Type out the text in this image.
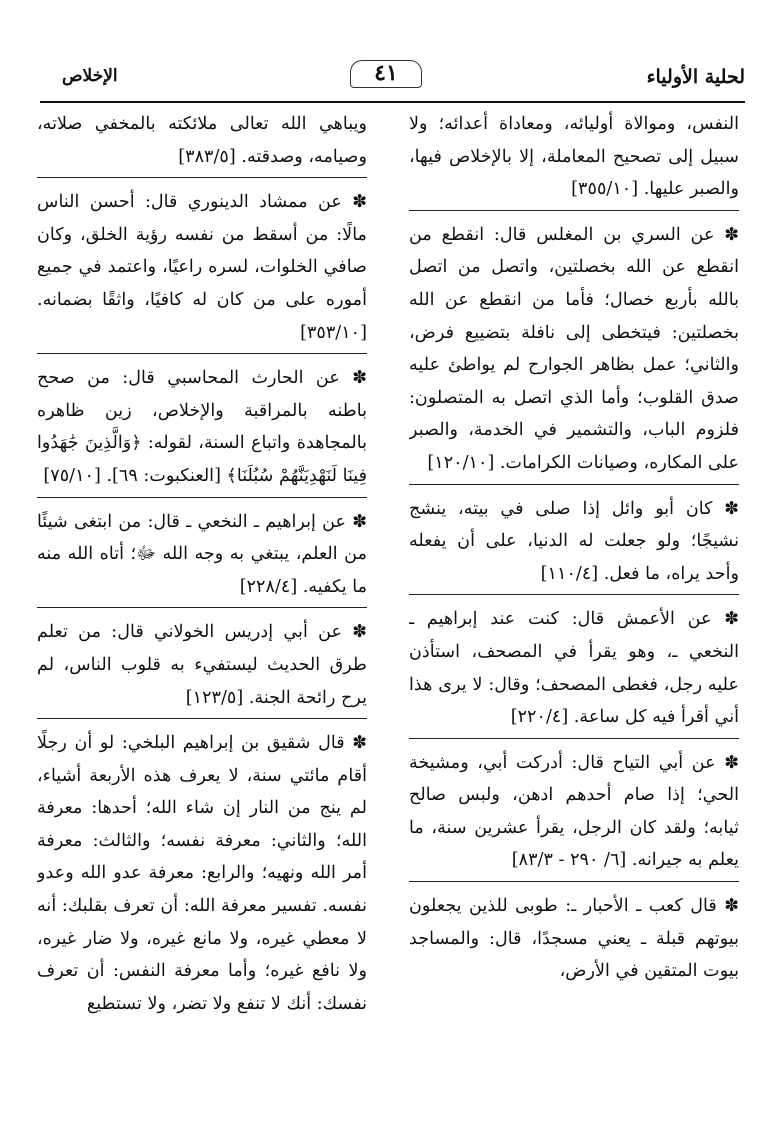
لحلية الأولياء
٤١
الإخلاص

النفس، وموالاة أوليائه، ومعاداة أعدائه؛ ولا سبيل إلى تصحيح المعاملة، إلا بالإخلاص فيها، والصبر عليها. [٣٥٥/١٠]

✽ عن السري بن المغلس قال: انقطع من انقطع عن الله بخصلتين، واتصل من اتصل بالله بأربع خصال؛ فأما من انقطع عن الله بخصلتين: فيتخطى إلى نافلة بتضييع فرض، والثاني؛ عمل بظاهر الجوارح لم يواطئ عليه صدق القلوب؛ وأما الذي اتصل به المتصلون: فلزوم الباب، والتشمير في الخدمة، والصبر على المكاره، وصيانات الكرامات. [١٢٠/١٠]

✽ كان أبو وائل إذا صلى في بيته، ينشج نشيجًا؛ ولو جعلت له الدنيا، على أن يفعله وأحد يراه، ما فعل. [١١٠/٤]

✽ عن الأعمش قال: كنت عند إبراهيم ـ النخعي ـ، وهو يقرأ في المصحف، استأذن عليه رجل، فغطى المصحف؛ وقال: لا يرى هذا أني أقرأ فيه كل ساعة. [٢٢٠/٤]

✽ عن أبي التياح قال: أدركت أبي، ومشيخة الحي؛ إذا صام أحدهم ادهن، ولبس صالح ثيابه؛ ولقد كان الرجل، يقرأ عشرين سنة، ما يعلم به جيرانه. [٦/ ٢٩٠ - ٨٣/٣]

✽ قال كعب ـ الأحبار ـ: طوبى للذين يجعلون بيوتهم قبلة ـ يعني مسجدًا، قال: والمساجد بيوت المتقين في الأرض،

ويباهي الله تعالى ملائكته بالمخفي صلاته، وصيامه، وصدقته. [٣٨٣/٥]

✽ عن ممشاد الدينوري قال: أحسن الناس مالًا: من أسقط من نفسه رؤية الخلق، وكان صافي الخلوات، لسره راعيًا، واعتمد في جميع أموره على من كان له كافيًا، واثقًا بضمانه. [٣٥٣/١٠]

✽ عن الحارث المحاسبي قال: من صحح باطنه بالمراقبة والإخلاص، زين ظاهره بالمجاهدة واتباع السنة، لقوله: ﴿وَالَّذِينَ جَٰهَدُوا فِينَا لَنَهْدِيَنَّهُمْ سُبُلَنَا﴾ [العنكبوت: ٦٩]. [٧٥/١٠]

✽ عن إبراهيم ـ النخعي ـ قال: من ابتغى شيئًا من العلم، يبتغي به وجه الله ﷻ؛ أتاه الله منه ما يكفيه. [٢٢٨/٤]

✽ عن أبي إدريس الخولاني قال: من تعلم طرق الحديث ليستفيء به قلوب الناس، لم يرح رائحة الجنة. [١٢٣/٥]

✽ قال شقيق بن إبراهيم البلخي: لو أن رجلًا أقام مائتي سنة، لا يعرف هذه الأربعة أشياء، لم ينج من النار إن شاء الله؛ أحدها: معرفة الله؛ والثاني: معرفة نفسه؛ والثالث: معرفة أمر الله ونهيه؛ والرابع: معرفة عدو الله وعدو نفسه. تفسير معرفة الله: أن تعرف بقلبك: أنه لا معطي غيره، ولا مانع غيره، ولا ضار غيره، ولا نافع غيره؛ وأما معرفة النفس: أن تعرف نفسك: أنك لا تنفع ولا تضر، ولا تستطيع
